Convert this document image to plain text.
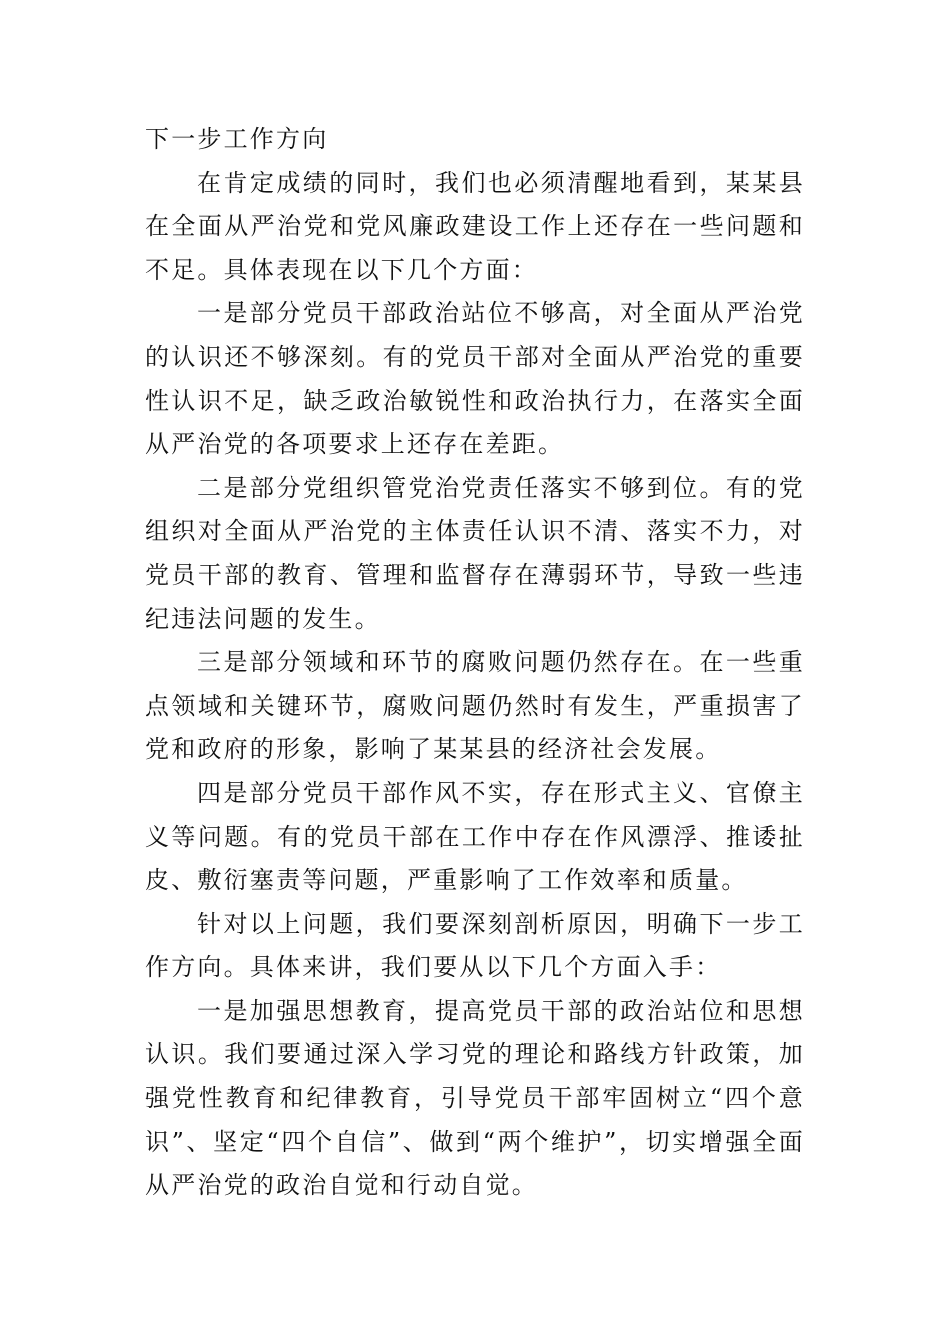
下一步工作方向

在肯定成绩的同时，我们也必须清醒地看到，某某县在全面从严治党和党风廉政建设工作上还存在一些问题和不足。具体表现在以下几个方面：

一是部分党员干部政治站位不够高，对全面从严治党的认识还不够深刻。有的党员干部对全面从严治党的重要性认识不足，缺乏政治敏锐性和政治执行力，在落实全面从严治党的各项要求上还存在差距。

二是部分党组织管党治党责任落实不够到位。有的党组织对全面从严治党的主体责任认识不清、落实不力，对党员干部的教育、管理和监督存在薄弱环节，导致一些违纪违法问题的发生。

三是部分领域和环节的腐败问题仍然存在。在一些重点领域和关键环节，腐败问题仍然时有发生，严重损害了党和政府的形象，影响了某某县的经济社会发展。

四是部分党员干部作风不实，存在形式主义、官僚主义等问题。有的党员干部在工作中存在作风漂浮、推诿扯皮、敷衍塞责等问题，严重影响了工作效率和质量。

针对以上问题，我们要深刻剖析原因，明确下一步工作方向。具体来讲，我们要从以下几个方面入手：

一是加强思想教育，提高党员干部的政治站位和思想认识。我们要通过深入学习党的理论和路线方针政策，加强党性教育和纪律教育，引导党员干部牢固树立“四个意识”、坚定“四个自信”、做到“两个维护”，切实增强全面从严治党的政治自觉和行动自觉。
